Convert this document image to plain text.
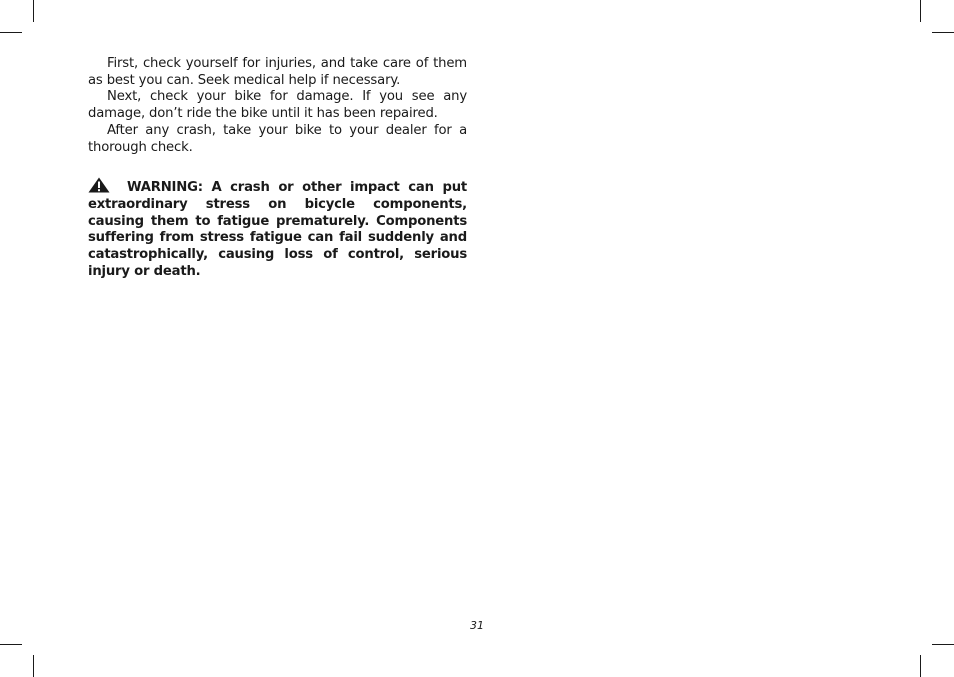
First, check yourself for injuries, and take care of them as best you can. Seek medical help if necessary.

Next, check your bike for damage. If you see any damage, don’t ride the bike until it has been repaired.

After any crash, take your bike to your dealer for a thorough check.

WARNING: A crash or other impact can put extraordinary stress on bicycle components, causing them to fatigue prematurely. Components suffering from stress fatigue can fail suddenly and catastrophically, causing loss of control, serious injury or death.

31
